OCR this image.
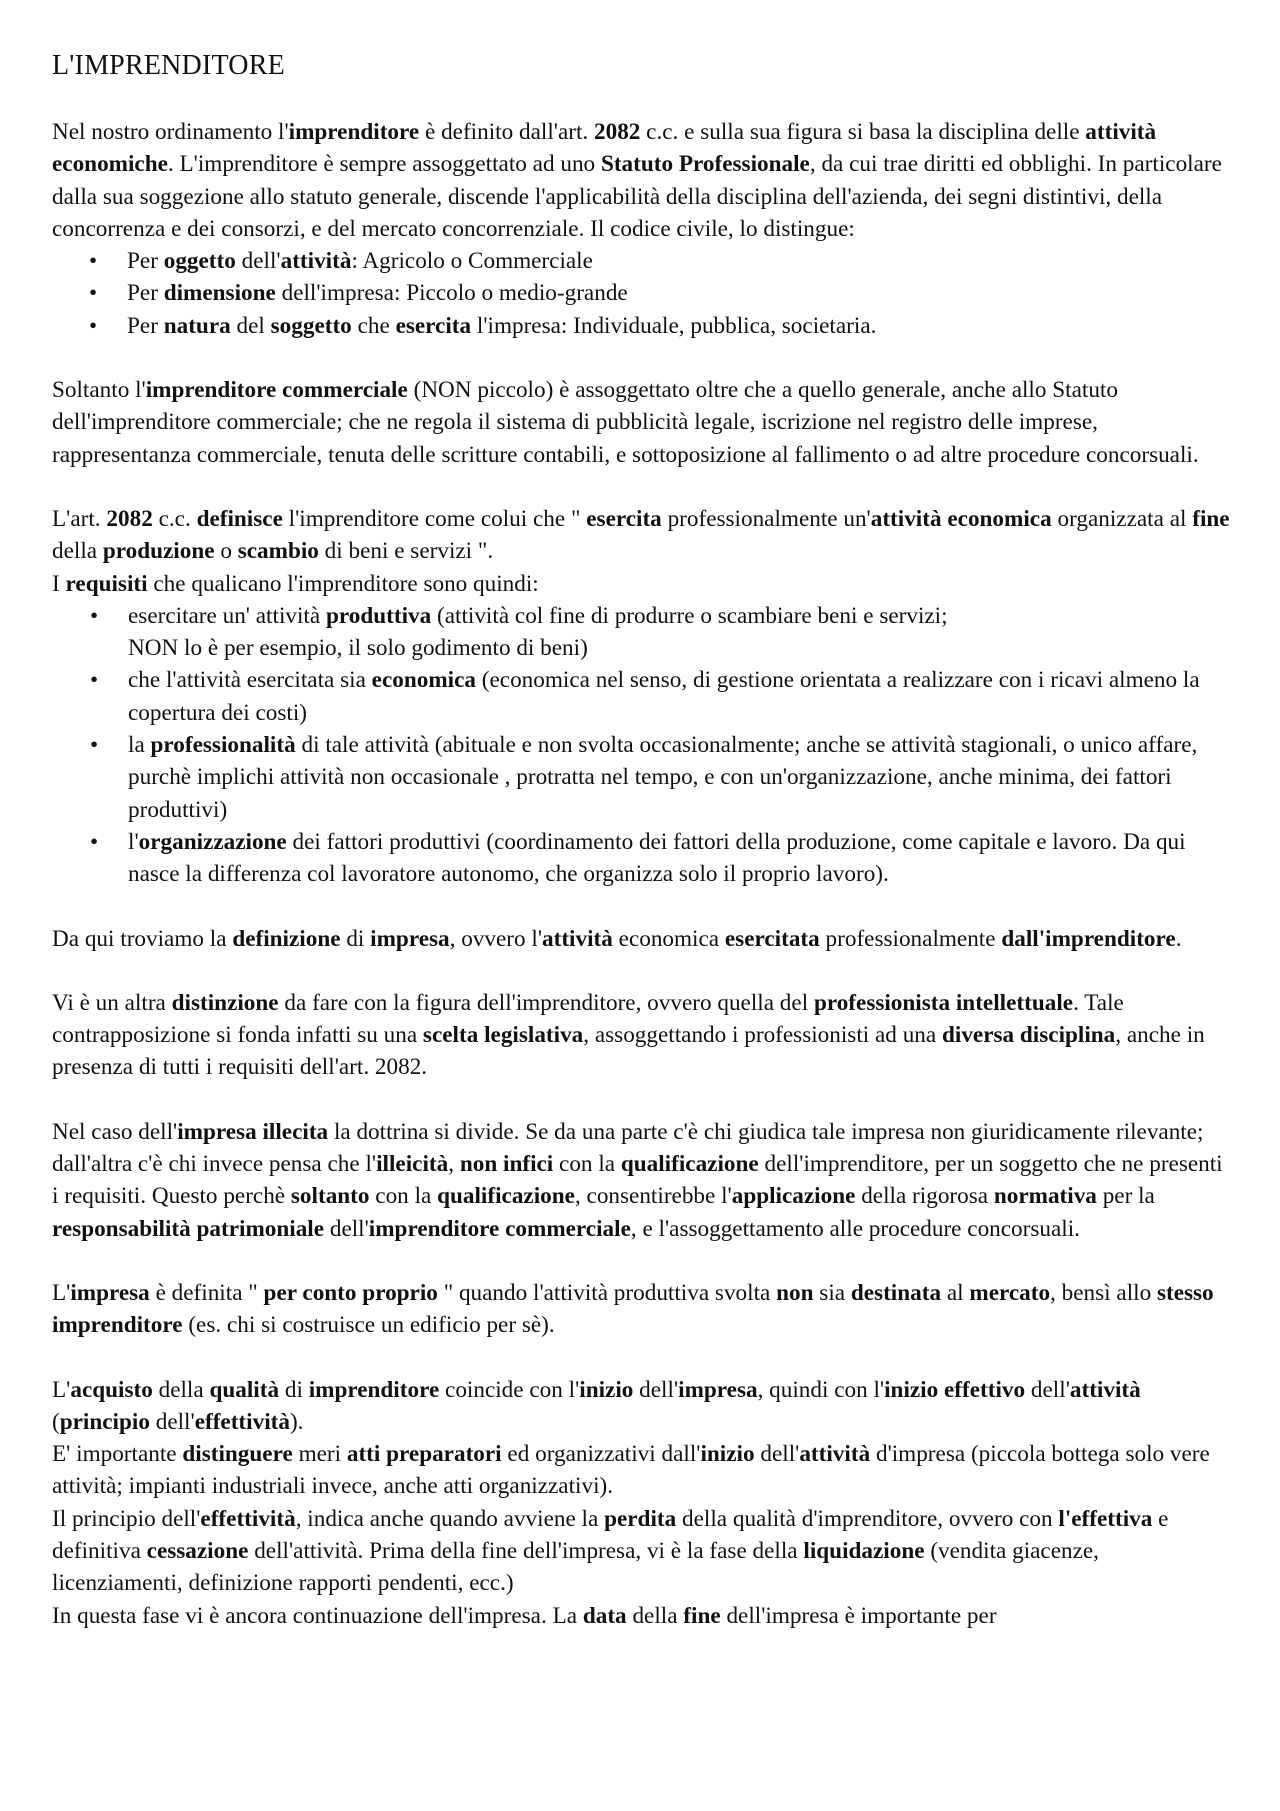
L'IMPRENDITORE

Nel nostro ordinamento l'imprenditore è definito dall'art. 2082 c.c. e sulla sua figura si basa la disciplina delle attività economiche. L'imprenditore è sempre assoggettato ad uno Statuto Professionale, da cui trae diritti ed obblighi. In particolare dalla sua soggezione allo statuto generale, discende l'applicabilità della disciplina dell'azienda, dei segni distintivi, della concorrenza e dei consorzi, e del mercato concorrenziale. Il codice civile, lo distingue:

• Per oggetto dell'attività: Agricolo o Commerciale
• Per dimensione dell'impresa: Piccolo o medio-grande
• Per natura del soggetto che esercita l'impresa: Individuale, pubblica, societaria.

Soltanto l'imprenditore commerciale (NON piccolo) è assoggettato oltre che a quello generale, anche allo Statuto dell'imprenditore commerciale; che ne regola il sistema di pubblicità legale, iscrizione nel registro delle imprese, rappresentanza commerciale, tenuta delle scritture contabili, e sottoposizione al fallimento o ad altre procedure concorsuali.

L'art. 2082 c.c. definisce l'imprenditore come colui che " esercita professionalmente un'attività economica organizzata al fine della produzione o scambio di beni e servizi ".

I requisiti che qualicano l'imprenditore sono quindi:

• esercitare un' attività produttiva (attività col fine di produrre o scambiare beni e servizi;
NON lo è per esempio, il solo godimento di beni)
• che l'attività esercitata sia economica (economica nel senso, di gestione orientata a realizzare con i ricavi almeno la copertura dei costi)
• la professionalità di tale attività (abituale e non svolta occasionalmente; anche se attività stagionali, o unico affare, purchè implichi attività non occasionale , protratta nel tempo, e con un'organizzazione, anche minima, dei fattori produttivi)
• l'organizzazione dei fattori produttivi (coordinamento dei fattori della produzione, come capitale e lavoro. Da qui nasce la differenza col lavoratore autonomo, che organizza solo il proprio lavoro).

Da qui troviamo la definizione di impresa, ovvero l'attività economica esercitata professionalmente dall'imprenditore.

Vi è un altra distinzione da fare con la figura dell'imprenditore, ovvero quella del professionista intellettuale. Tale contrapposizione si fonda infatti su una scelta legislativa, assoggettando i professionisti ad una diversa disciplina, anche in presenza di tutti i requisiti dell'art. 2082.

Nel caso dell'impresa illecita la dottrina si divide. Se da una parte c'è chi giudica tale impresa non giuridicamente rilevante; dall'altra c'è chi invece pensa che l'illeicità, non infici con la qualificazione dell'imprenditore, per un soggetto che ne presenti i requisiti. Questo perchè soltanto con la qualificazione, consentirebbe l'applicazione della rigorosa normativa per la responsabilità patrimoniale dell'imprenditore commerciale, e l'assoggettamento alle procedure concorsuali.

L'impresa è definita " per conto proprio " quando l'attività produttiva svolta non sia destinata al mercato, bensì allo stesso imprenditore (es. chi si costruisce un edificio per sè).

L'acquisto della qualità di imprenditore coincide con l'inizio dell'impresa, quindi con l'inizio effettivo dell'attività (principio dell'effettività).

E' importante distinguere meri atti preparatori ed organizzativi dall'inizio dell'attività d'impresa (piccola bottega solo vere attività; impianti industriali invece, anche atti organizzativi).

Il principio dell'effettività, indica anche quando avviene la perdita della qualità d'imprenditore, ovvero con l'effettiva e definitiva cessazione dell'attività. Prima della fine dell'impresa, vi è la fase della liquidazione (vendita giacenze, licenziamenti, definizione rapporti pendenti, ecc.)

In questa fase vi è ancora continuazione dell'impresa. La data della fine dell'impresa è importante per
